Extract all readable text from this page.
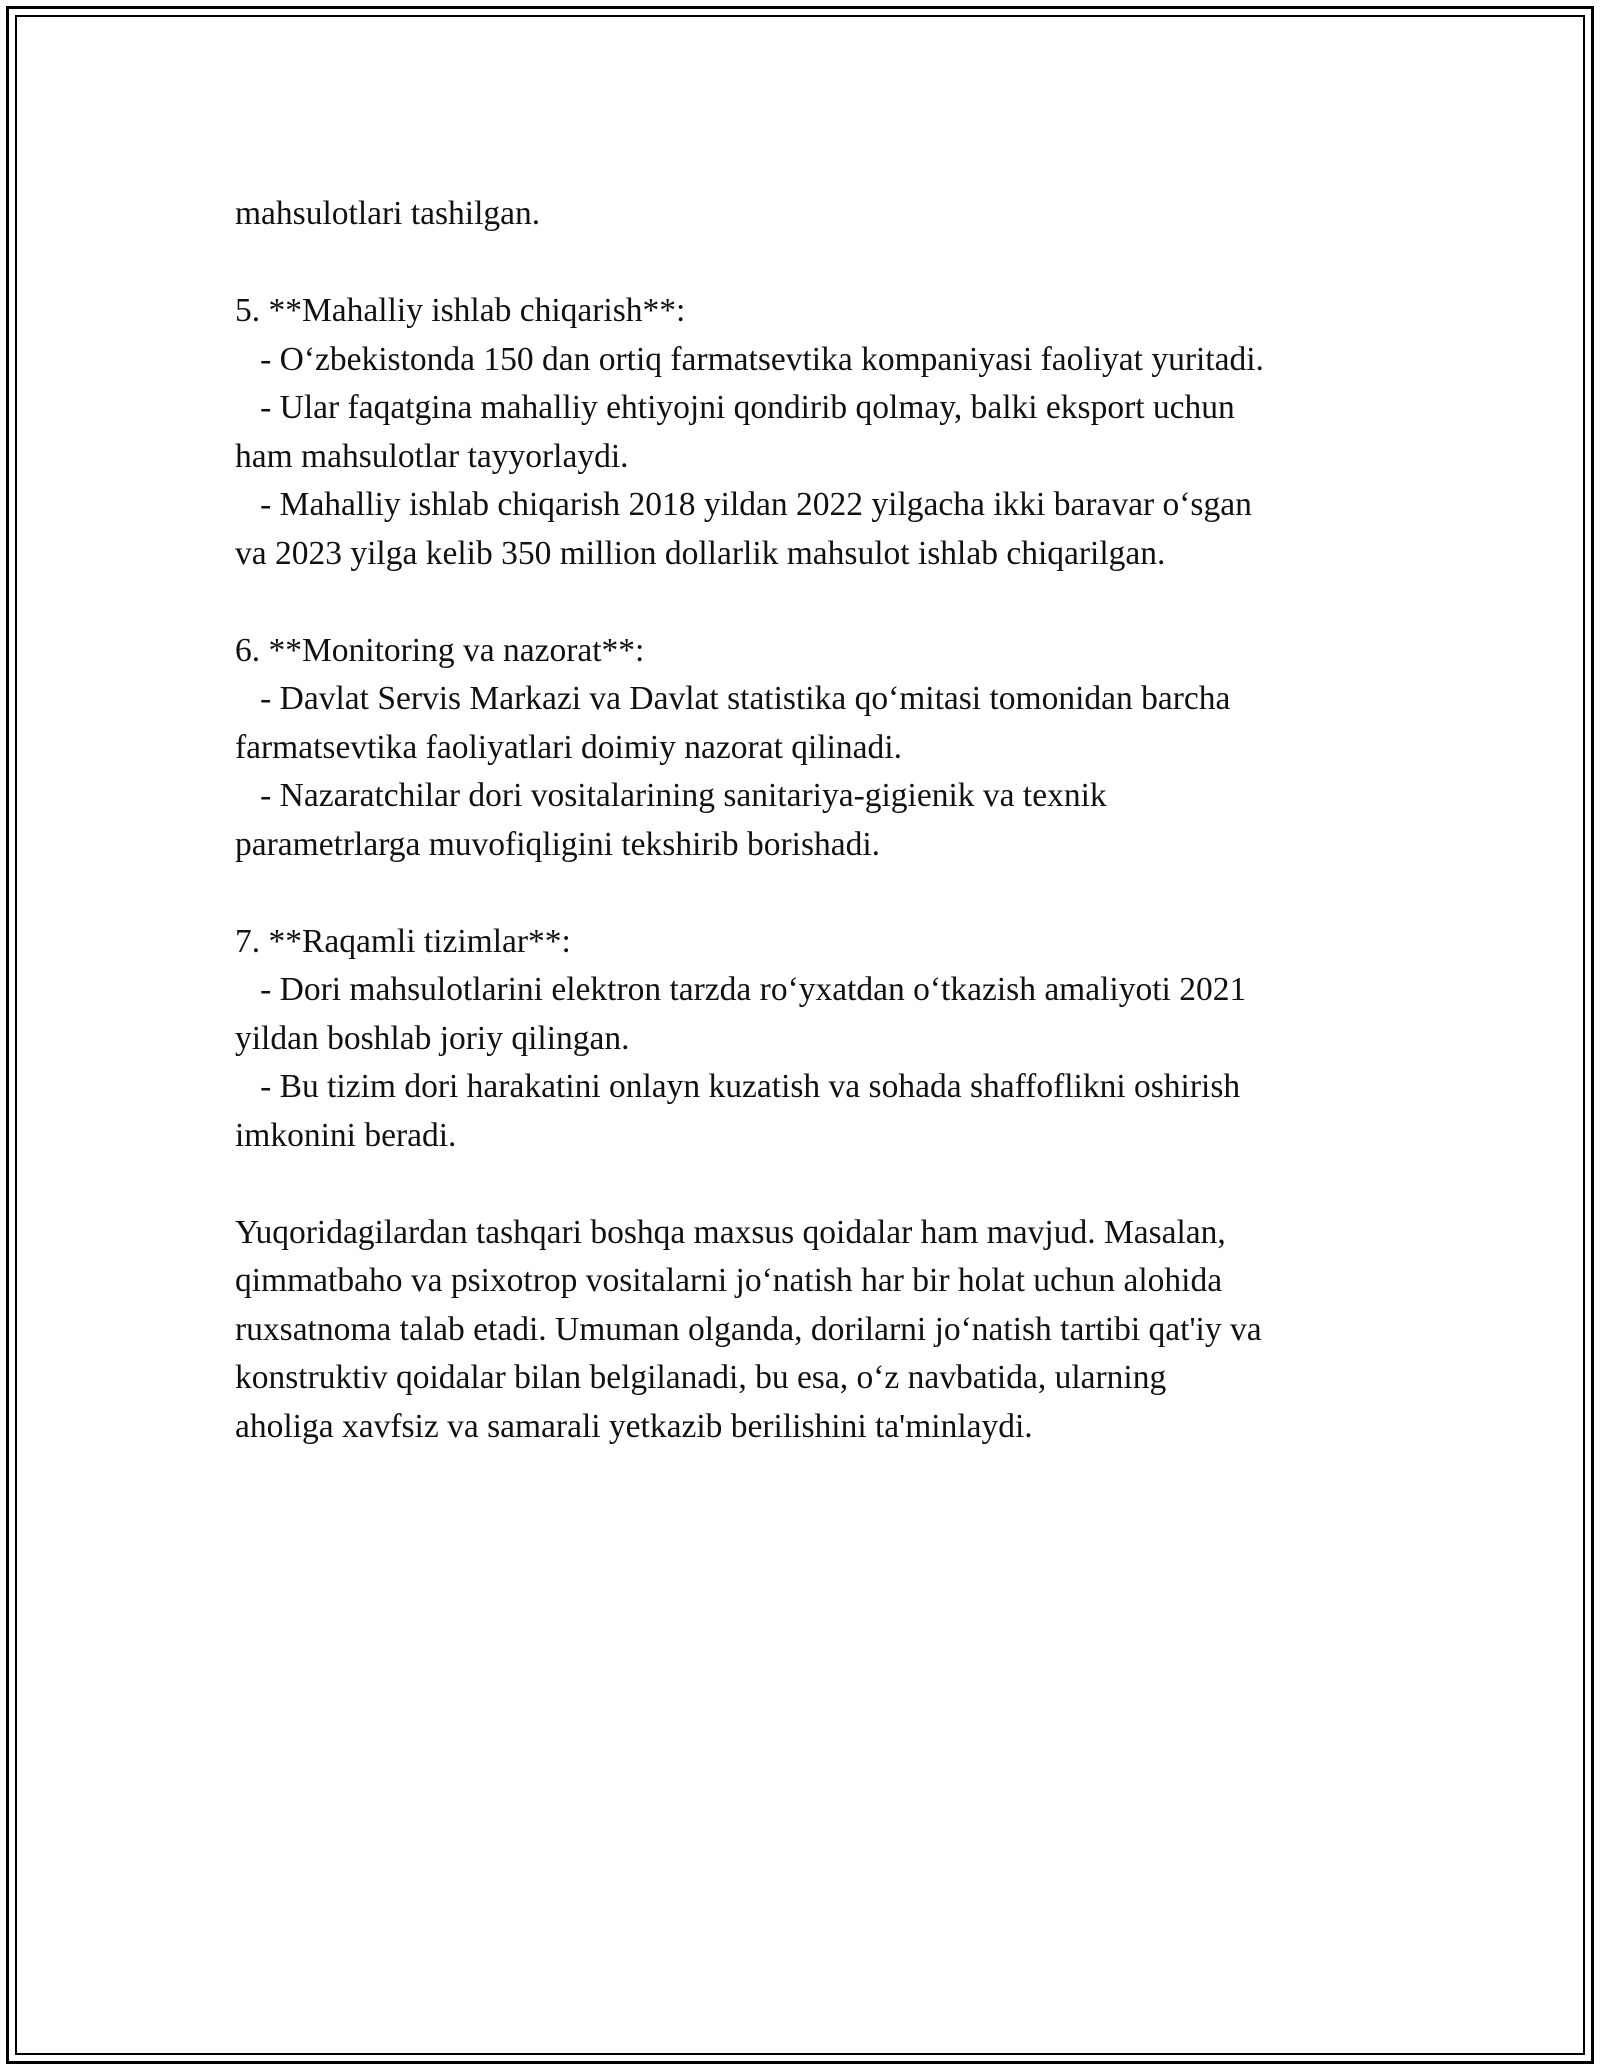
mahsulotlari tashilgan.
5. **Mahalliy ishlab chiqarish**:
- O‘zbekistonda 150 dan ortiq farmatsevtika kompaniyasi faoliyat yuritadi.
- Ular faqatgina mahalliy ehtiyojni qondirib qolmay, balki eksport uchun
ham mahsulotlar tayyorlaydi.
- Mahalliy ishlab chiqarish 2018 yildan 2022 yilgacha ikki baravar o‘sgan
va 2023 yilga kelib 350 million dollarlik mahsulot ishlab chiqarilgan.
6. **Monitoring va nazorat**:
- Davlat Servis Markazi va Davlat statistika qo‘mitasi tomonidan barcha
farmatsevtika faoliyatlari doimiy nazorat qilinadi.
- Nazaratchilar dori vositalarining sanitariya-gigienik va texnik
parametrlarga muvofiqligini tekshirib borishadi.
7. **Raqamli tizimlar**:
- Dori mahsulotlarini elektron tarzda ro‘yxatdan o‘tkazish amaliyoti 2021
yildan boshlab joriy qilingan.
- Bu tizim dori harakatini onlayn kuzatish va sohada shaffoflikni oshirish
imkonini beradi.
Yuqoridagilardan tashqari boshqa maxsus qoidalar ham mavjud. Masalan,
qimmatbaho va psixotrop vositalarni jo‘natish har bir holat uchun alohida
ruxsatnoma talab etadi. Umuman olganda, dorilarni jo‘natish tartibi qat'iy va
konstruktiv qoidalar bilan belgilanadi, bu esa, o‘z navbatida, ularning
aholiga xavfsiz va samarali yetkazib berilishini ta'minlaydi.
